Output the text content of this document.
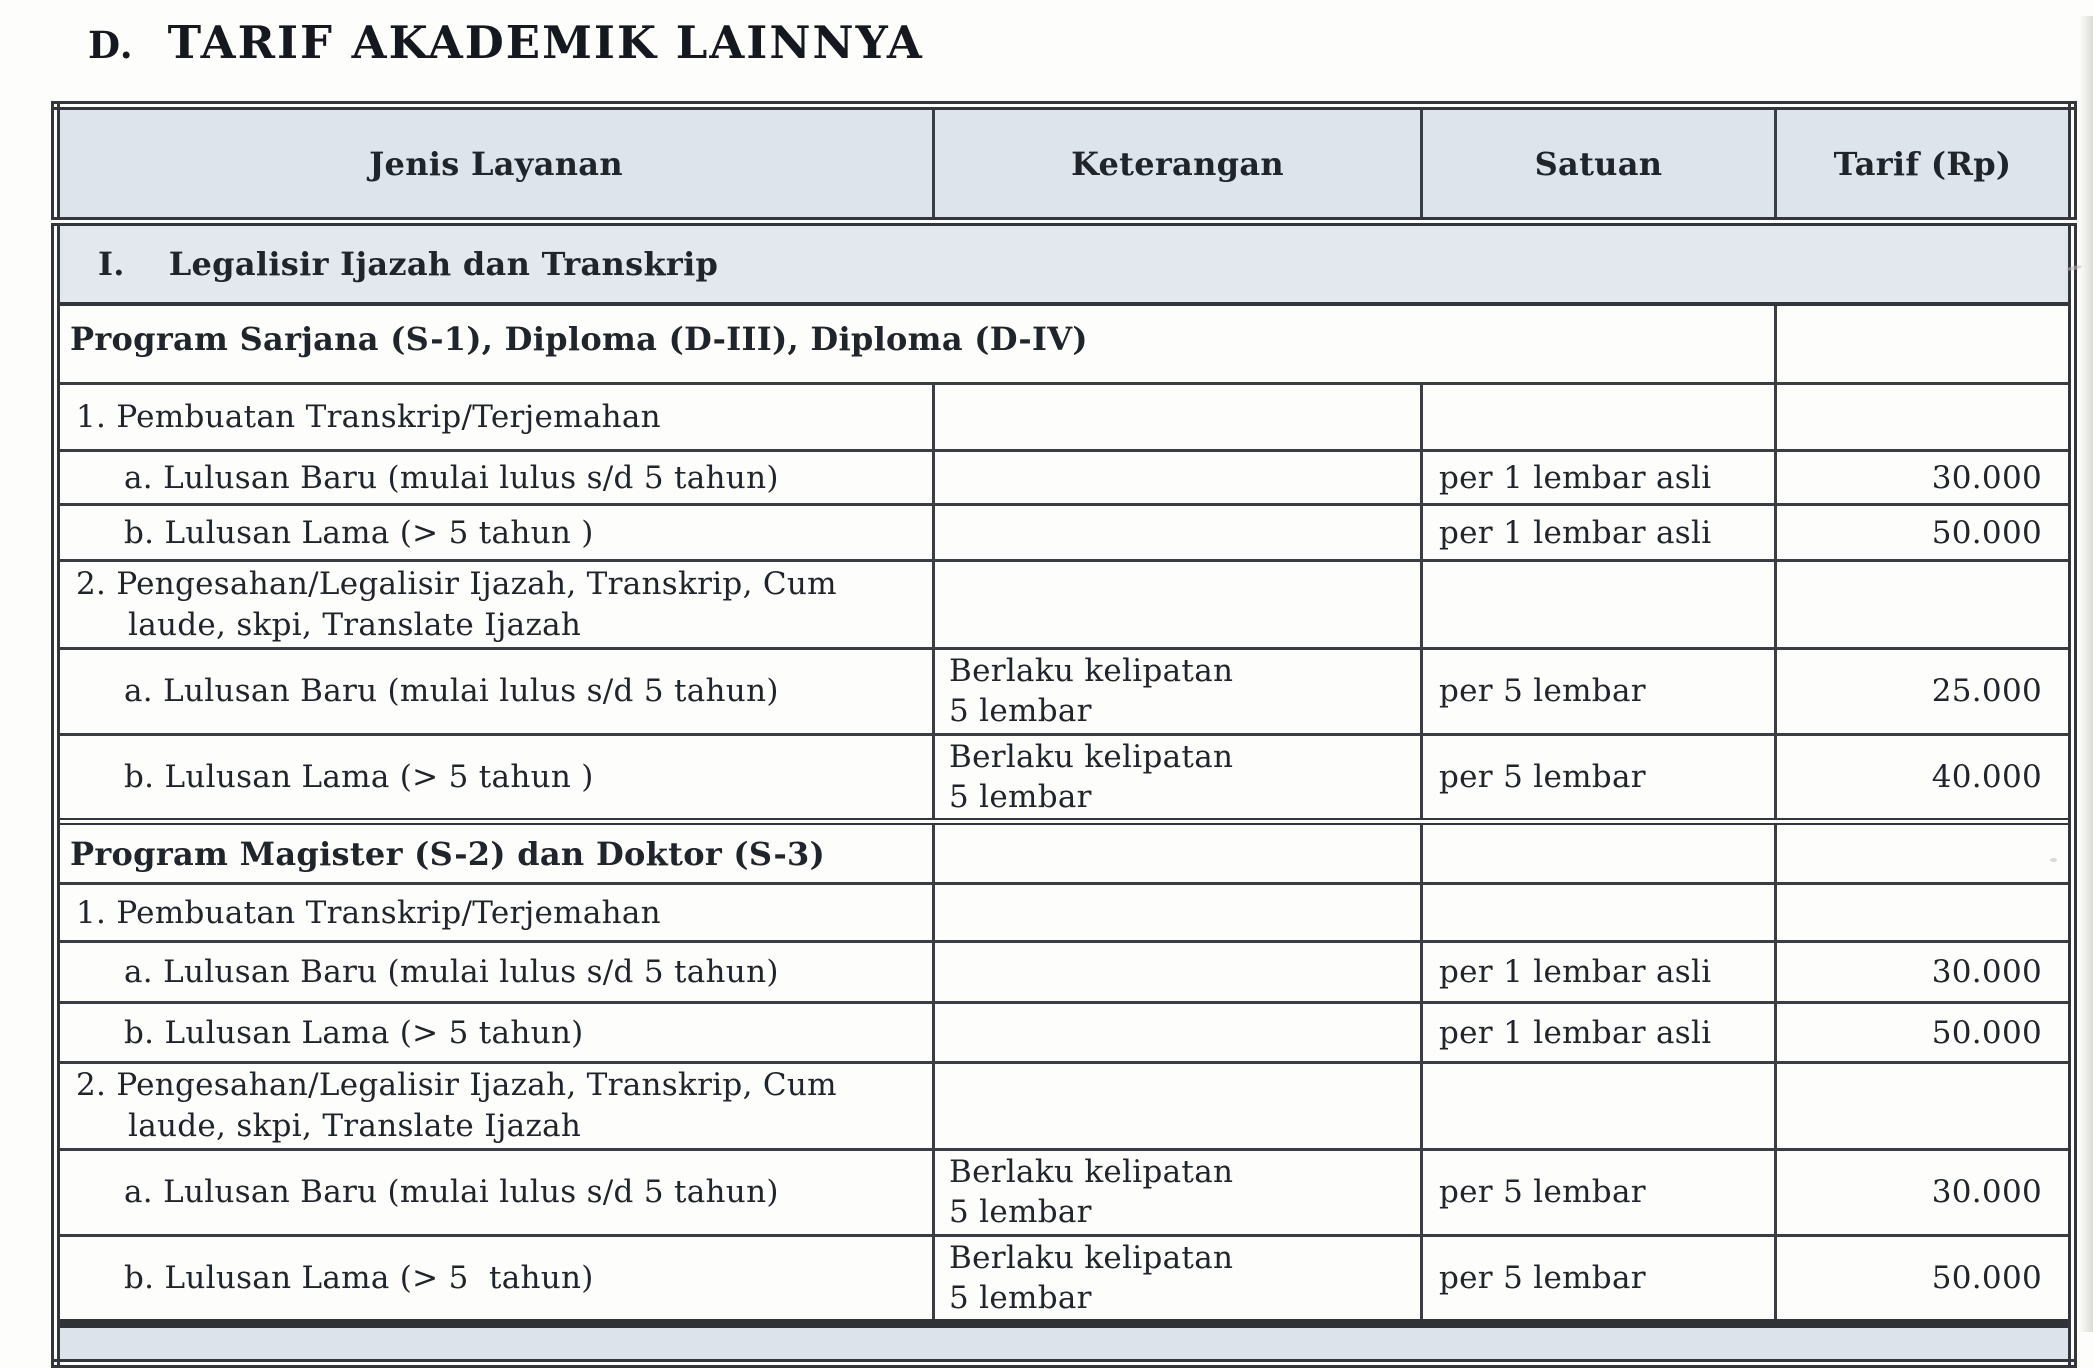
D. TARIF AKADEMIK LAINNYA
Jenis Layanan	Keterangan	Satuan	Tarif (Rp)
I. Legalisir Ijazah dan Transkrip			
Program Sarjana (S-1), Diploma (D-III), Diploma (D-IV)			
1. Pembuatan Transkrip/Terjemahan			
a. Lulusan Baru (mulai lulus s/d 5 tahun)		per 1 lembar asli	30.000
b. Lulusan Lama (> 5 tahun )		per 1 lembar asli	50.000
2. Pengesahan/Legalisir Ijazah, Transkrip, Cum laude, skpi, Translate Ijazah			
a. Lulusan Baru (mulai lulus s/d 5 tahun)	Berlaku kelipatan 5 lembar	per 5 lembar	25.000
b. Lulusan Lama (> 5 tahun )	Berlaku kelipatan 5 lembar	per 5 lembar	40.000
Program Magister (S-2) dan Doktor (S-3)			
1. Pembuatan Transkrip/Terjemahan			
a. Lulusan Baru (mulai lulus s/d 5 tahun)		per 1 lembar asli	30.000
b. Lulusan Lama (> 5 tahun)		per 1 lembar asli	50.000
2. Pengesahan/Legalisir Ijazah, Transkrip, Cum laude, skpi, Translate Ijazah			
a. Lulusan Baru (mulai lulus s/d 5 tahun)	Berlaku kelipatan 5 lembar	per 5 lembar	30.000
b. Lulusan Lama (> 5  tahun)	Berlaku kelipatan 5 lembar	per 5 lembar	50.000
